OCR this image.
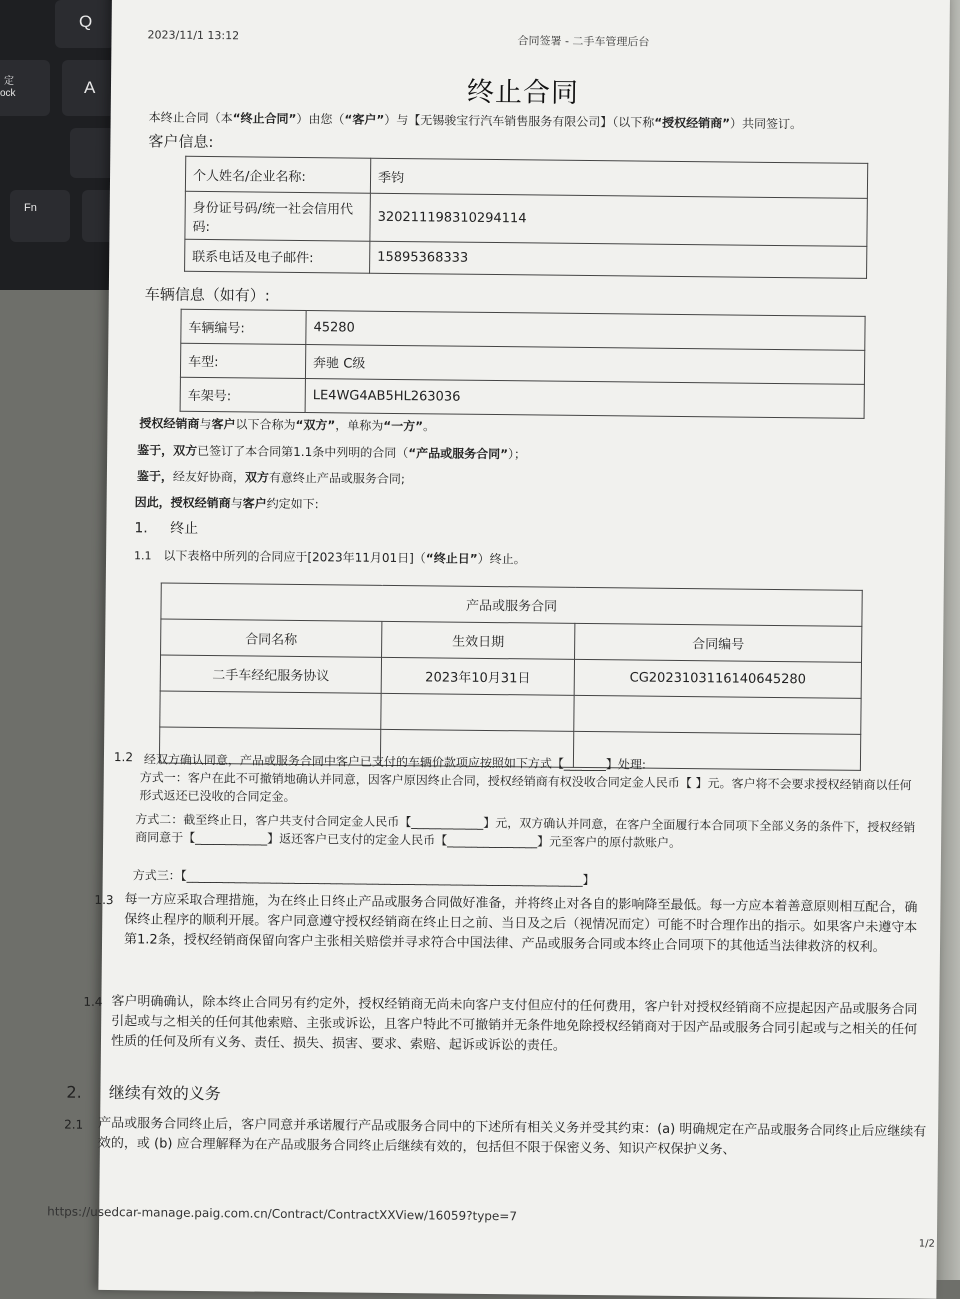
Q
A
定
ock
Fn
2023/11/1 13:12	合同签署 - 二手车管理后台
终止合同
本终止合同（本“终止合同”）由您（“客户”）与【无锡骏宝行汽车销售服务有限公司】（以下称“授权经销商”）共同签订。
客户信息:
个人姓名/企业名称:	季钧
身份证号码/统一社会信用代码:	320211198310294114
联系电话及电子邮件:	15895368333
车辆信息（如有）:
车辆编号:	45280
车型:	奔驰 C级
车架号:	LE4WG4AB5HL263036
授权经销商与客户以下合称为“双方”，单称为“一方”。
鉴于，双方已签订了本合同第1.1条中列明的合同（“产品或服务合同”）；
鉴于，经友好协商，双方有意终止产品或服务合同;
因此，授权经销商与客户约定如下:
1. 终止
1.1 以下表格中所列的合同应于[2023年11月01日]（“终止日”）终止。
产品或服务合同		
合同名称	生效日期	合同编号
二手车经纪服务协议	2023年10月31日	CG2023103116140645280

1.2 经双方确认同意，产品或服务合同中客户已支付的车辆价款项应按照如下方式【_______】处理:
方式一：客户在此不可撤销地确认并同意，因客户原因终止合同，授权经销商有权没收合同定金人民币【 】元。客户将不会要求授权经销商以任何形式返还已没收的合同定金。
方式二：截至终止日，客户共支付合同定金人民币【____________】元，双方确认并同意，在客户全面履行本合同项下全部义务的条件下，授权经销商同意于【____________】返还客户已支付的定金人民币【_______________】元至客户的原付款账户。
方式三：【__________________________________________________________________】
1.3 每一方应采取合理措施，为在终止日终止产品或服务合同做好准备，并将终止对各自的影响降至最低。每一方应本着善意原则相互配合，确保终止程序的顺利开展。客户同意遵守授权经销商在终止日之前、当日及之后（视情况而定）可能不时合理作出的指示。如果客户未遵守本第1.2条，授权经销商保留向客户主张相关赔偿并寻求符合中国法律、产品或服务合同或本终止合同项下的其他适当法律救济的权利。
1.4 客户明确确认，除本终止合同另有约定外，授权经销商无尚未向客户支付但应付的任何费用，客户针对授权经销商不应提起因产品或服务合同引起或与之相关的任何其他索赔、主张或诉讼，且客户特此不可撤销并无条件地免除授权经销商对于因产品或服务合同引起或与之相关的任何性质的任何及所有义务、责任、损失、损害、要求、索赔、起诉或诉讼的责任。
2. 继续有效的义务
2.1 产品或服务合同终止后，客户同意并承诺履行产品或服务合同中的下述所有相关义务并受其约束：(a) 明确规定在产品或服务合同终止后应继续有效的，或 (b) 应合理解释为在产品或服务合同终止后继续有效的，包括但不限于保密义务、知识产权保护义务、
https://usedcar-manage.paig.com.cn/Contract/ContractXXView/16059?type=7
1/2
